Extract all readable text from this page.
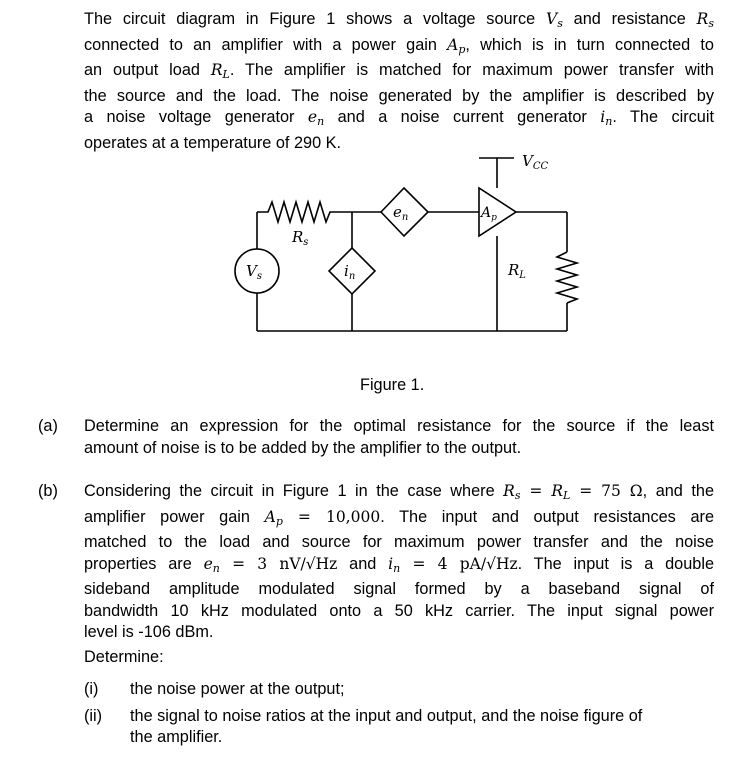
The circuit diagram in Figure 1 shows a voltage source $V_s$ and resistance $R_s$
connected to an amplifier with a power gain $A_p$, which is in turn connected to
an output load $R_L$. The amplifier is matched for maximum power transfer with
the source and the load. The noise generated by the amplifier is described by
a noise voltage generator $e_n$ and a noise current generator $i_n$. The circuit
operates at a temperature of 290 K.
$V_{CC}$
$R_s$
$V_s$
$e_n$
$i_n$
$A_p$
$R_L$
Figure 1.
(a) Determine an expression for the optimal resistance for the source if the least
amount of noise is to be added by the amplifier to the output.
(b) Considering the circuit in Figure 1 in the case where $R_s = R_L = 75$ Ω, and the
amplifier power gain $A_p = 10,000$. The input and output resistances are
matched to the load and source for maximum power transfer and the noise
properties are $e_n = 3$ nV/√Hz and $i_n = 4$ pA/√Hz. The input is a double
sideband amplitude modulated signal formed by a baseband signal of
bandwidth 10 kHz modulated onto a 50 kHz carrier. The input signal power
level is -106 dBm.
Determine:
(i) the noise power at the output;
(ii) the signal to noise ratios at the input and output, and the noise figure of
the amplifier.
